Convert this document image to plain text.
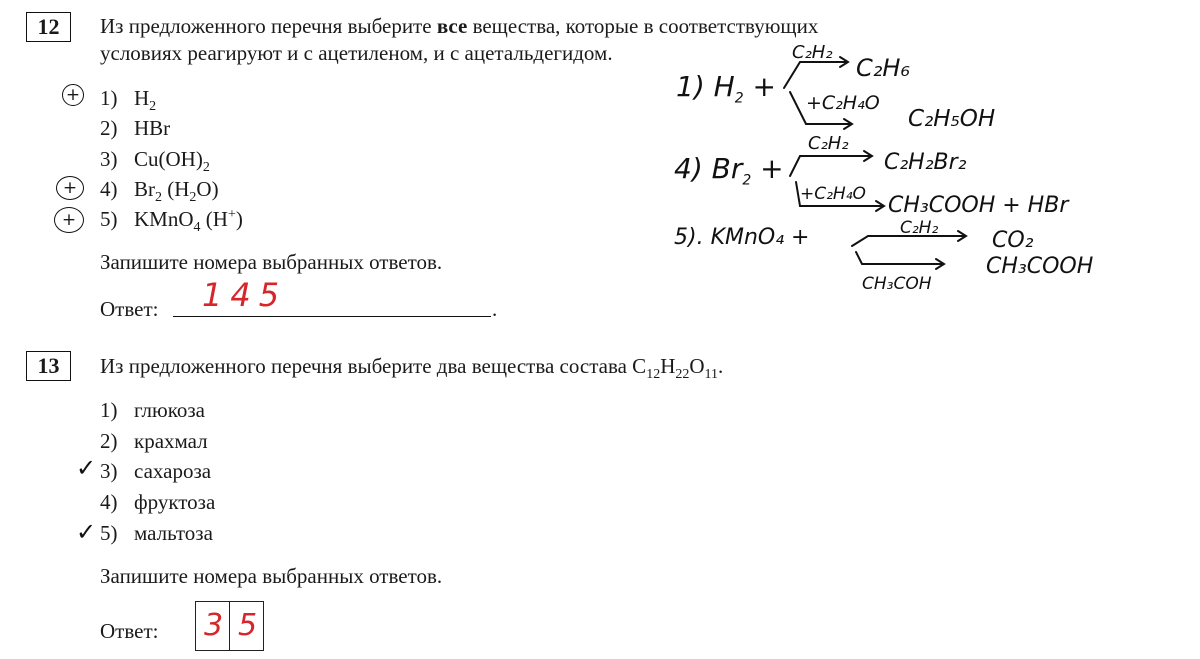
12 Из предложенного перечня выберите все вещества, которые в соответствующих
условиях реагируют и с ацетиленом, и с ацетальдегидом.
1) $H_2$
2) HBr
3) $Cu(OH)_2$
4) $Br_2$ $(H_2O)$
5) KMnO$_4$ (H+)
+
+
+
Запишите номера выбранных ответов.
Ответ:	.
145
1) $H_2$ +
C₂H₂
C₂H₆
+C₂H₄O
C₂H₅OH
4) $Br_2$ +
C₂H₂
C₂H₂Br₂
+C₂H₄O CH₃COOH + HBr
5). KMnO₄ +	C₂H₂ CO₂
CH₃COH
CH₃COOH
13 Из предложенного перечня выберите два вещества состава $C_{12}H_{22}O_{11}$.
1) глюкоза
2) крахмал
3) сахароза
4) фруктоза
5) мальтоза
✓
✓
Запишите номера выбранных ответов.
Ответ: 3 5
